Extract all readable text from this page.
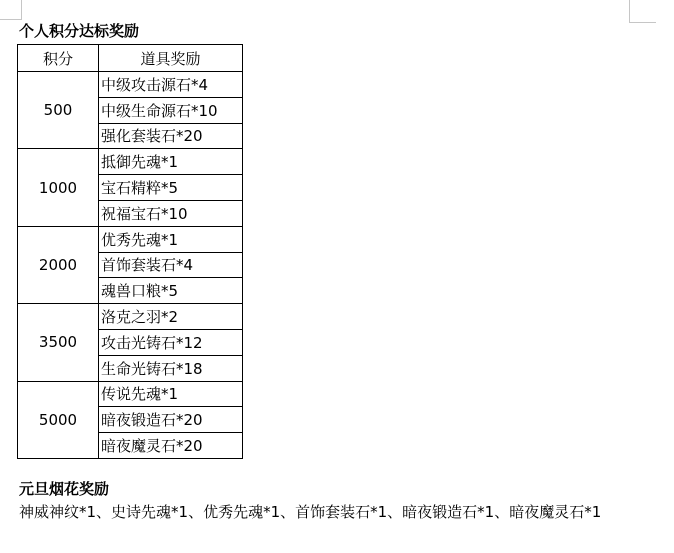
个人积分达标奖励
积分	道具奖励
500	中级攻击源石*4
	中级生命源石*10
	强化套装石*20
1000	抵御先魂*1
	宝石精粹*5
	祝福宝石*10
2000	优秀先魂*1
	首饰套装石*4
	魂兽口粮*5
3500	洛克之羽*2
	攻击光铸石*12
	生命光铸石*18
5000	传说先魂*1
	暗夜锻造石*20
	暗夜魔灵石*20
元旦烟花奖励

神威神纹*1、史诗先魂*1、优秀先魂*1、首饰套装石*1、暗夜锻造石*1、暗夜魔灵石*1
